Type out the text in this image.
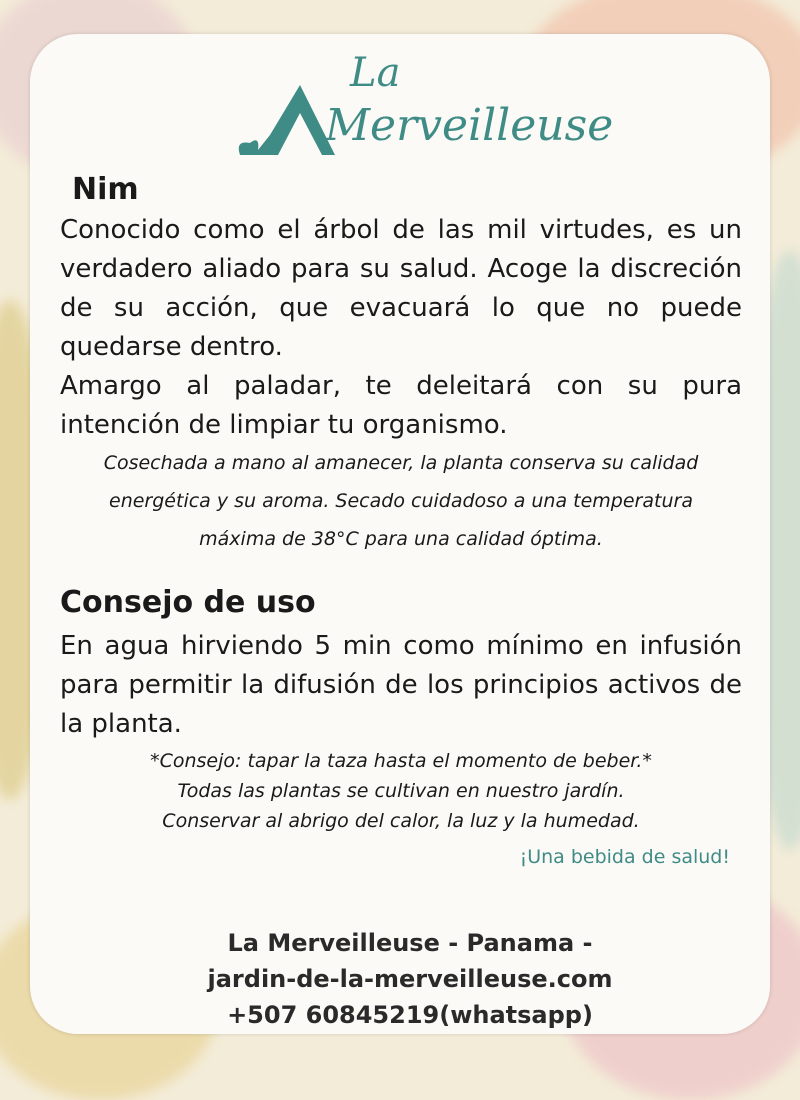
La
Merveilleuse
Nim
Conocido como el árbol de las mil virtudes, es un verdadero aliado para su salud. Acoge la discreción de su acción, que evacuará lo que no puede quedarse dentro.
Amargo al paladar, te deleitará con su pura intención de limpiar tu organismo.
Cosechada a mano al amanecer, la planta conserva su calidad energética y su aroma. Secado cuidadoso a una temperatura máxima de 38°C para una calidad óptima.
Consejo de uso
En agua hirviendo 5 min como mínimo en infusión para permitir la difusión de los principios activos de la planta.
*Consejo: tapar la taza hasta el momento de beber.*
Todas las plantas se cultivan en nuestro jardín.
Conservar al abrigo del calor, la luz y la humedad.
¡Una bebida de salud!
La Merveilleuse - Panama -
jardin-de-la-merveilleuse.com
+507 60845219(whatsapp)
